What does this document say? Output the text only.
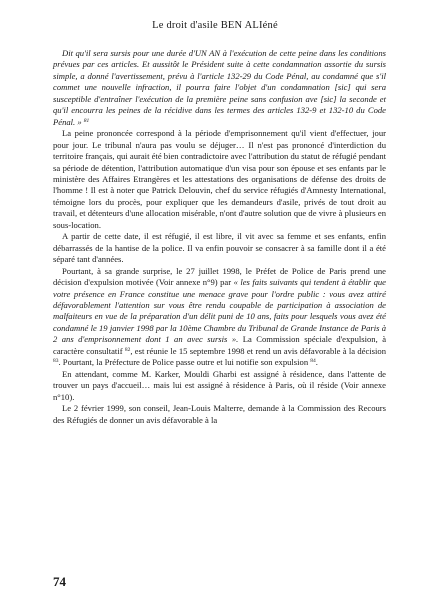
Le droit d'asile BEN ALIéné

Dit qu'il sera sursis pour une durée d'UN AN à l'exécution de cette peine dans les conditions prévues par ces articles. Et aussitôt le Président suite à cette condamnation assortie du sursis simple, a donné l'avertissement, prévu à l'article 132-29 du Code Pénal, au condamné que s'il commet une nouvelle infraction, il pourra faire l'objet d'un condamnation [sic] qui sera susceptible d'entraîner l'exécution de la première peine sans confusion ave [sic] la seconde et qu'il encourra les peines de la récidive dans les termes des articles 132-9 et 132-10 du Code Pénal. » $^{81}$

La peine prononcée correspond à la période d'emprisonnement qu'il vient d'effectuer, jour pour jour. Le tribunal n'aura pas voulu se déjuger… Il n'est pas prononcé d'interdiction du territoire français, qui aurait été bien contradictoire avec l'attribution du statut de réfugié pendant sa période de détention, l'attribution automatique d'un visa pour son épouse et ses enfants par le ministère des Affaires Etrangères et les attestations des organisations de défense des droits de l'homme ! Il est à noter que Patrick Delouvin, chef du service réfugiés d'Amnesty International, témoigne lors du procès, pour expliquer que les demandeurs d'asile, privés de tout droit au travail, et détenteurs d'une allocation misérable, n'ont d'autre solution que de vivre à plusieurs en sous-location.

A partir de cette date, il est réfugié, il est libre, il vit avec sa femme et ses enfants, enfin débarrassés de la hantise de la police. Il va enfin pouvoir se consacrer à sa famille dont il a été séparé tant d'années.

Pourtant, à sa grande surprise, le 27 juillet 1998, le Préfet de Police de Paris prend une décision d'expulsion motivée (Voir annexe n°9) par « les faits suivants qui tendent à établir que votre présence en France constitue une menace grave pour l'ordre public : vous avez attiré défavorablement l'attention sur vous être rendu coupable de participation à association de malfaiteurs en vue de la préparation d'un délit puni de 10 ans, faits pour lesquels vous avez été condamné le 19 janvier 1998 par la 10ème Chambre du Tribunal de Grande Instance de Paris à 2 ans d'emprisonnement dont 1 an avec sursis ». La Commission spéciale d'expulsion, à caractère consultatif $^{82}$, est réunie le 15 septembre 1998 et rend un avis défavorable à la décision $^{83}$. Pourtant, la Préfecture de Police passe outre et lui notifie son expulsion $^{84}$.

En attendant, comme M. Karker, Mouldi Gharbi est assigné à résidence, dans l'attente de trouver un pays d'accueil… mais lui est assigné à résidence à Paris, où il réside (Voir annexe n°10).

Le 2 février 1999, son conseil, Jean-Louis Malterre, demande à la Commission des Recours des Réfugiés de donner un avis défavorable à la

74
